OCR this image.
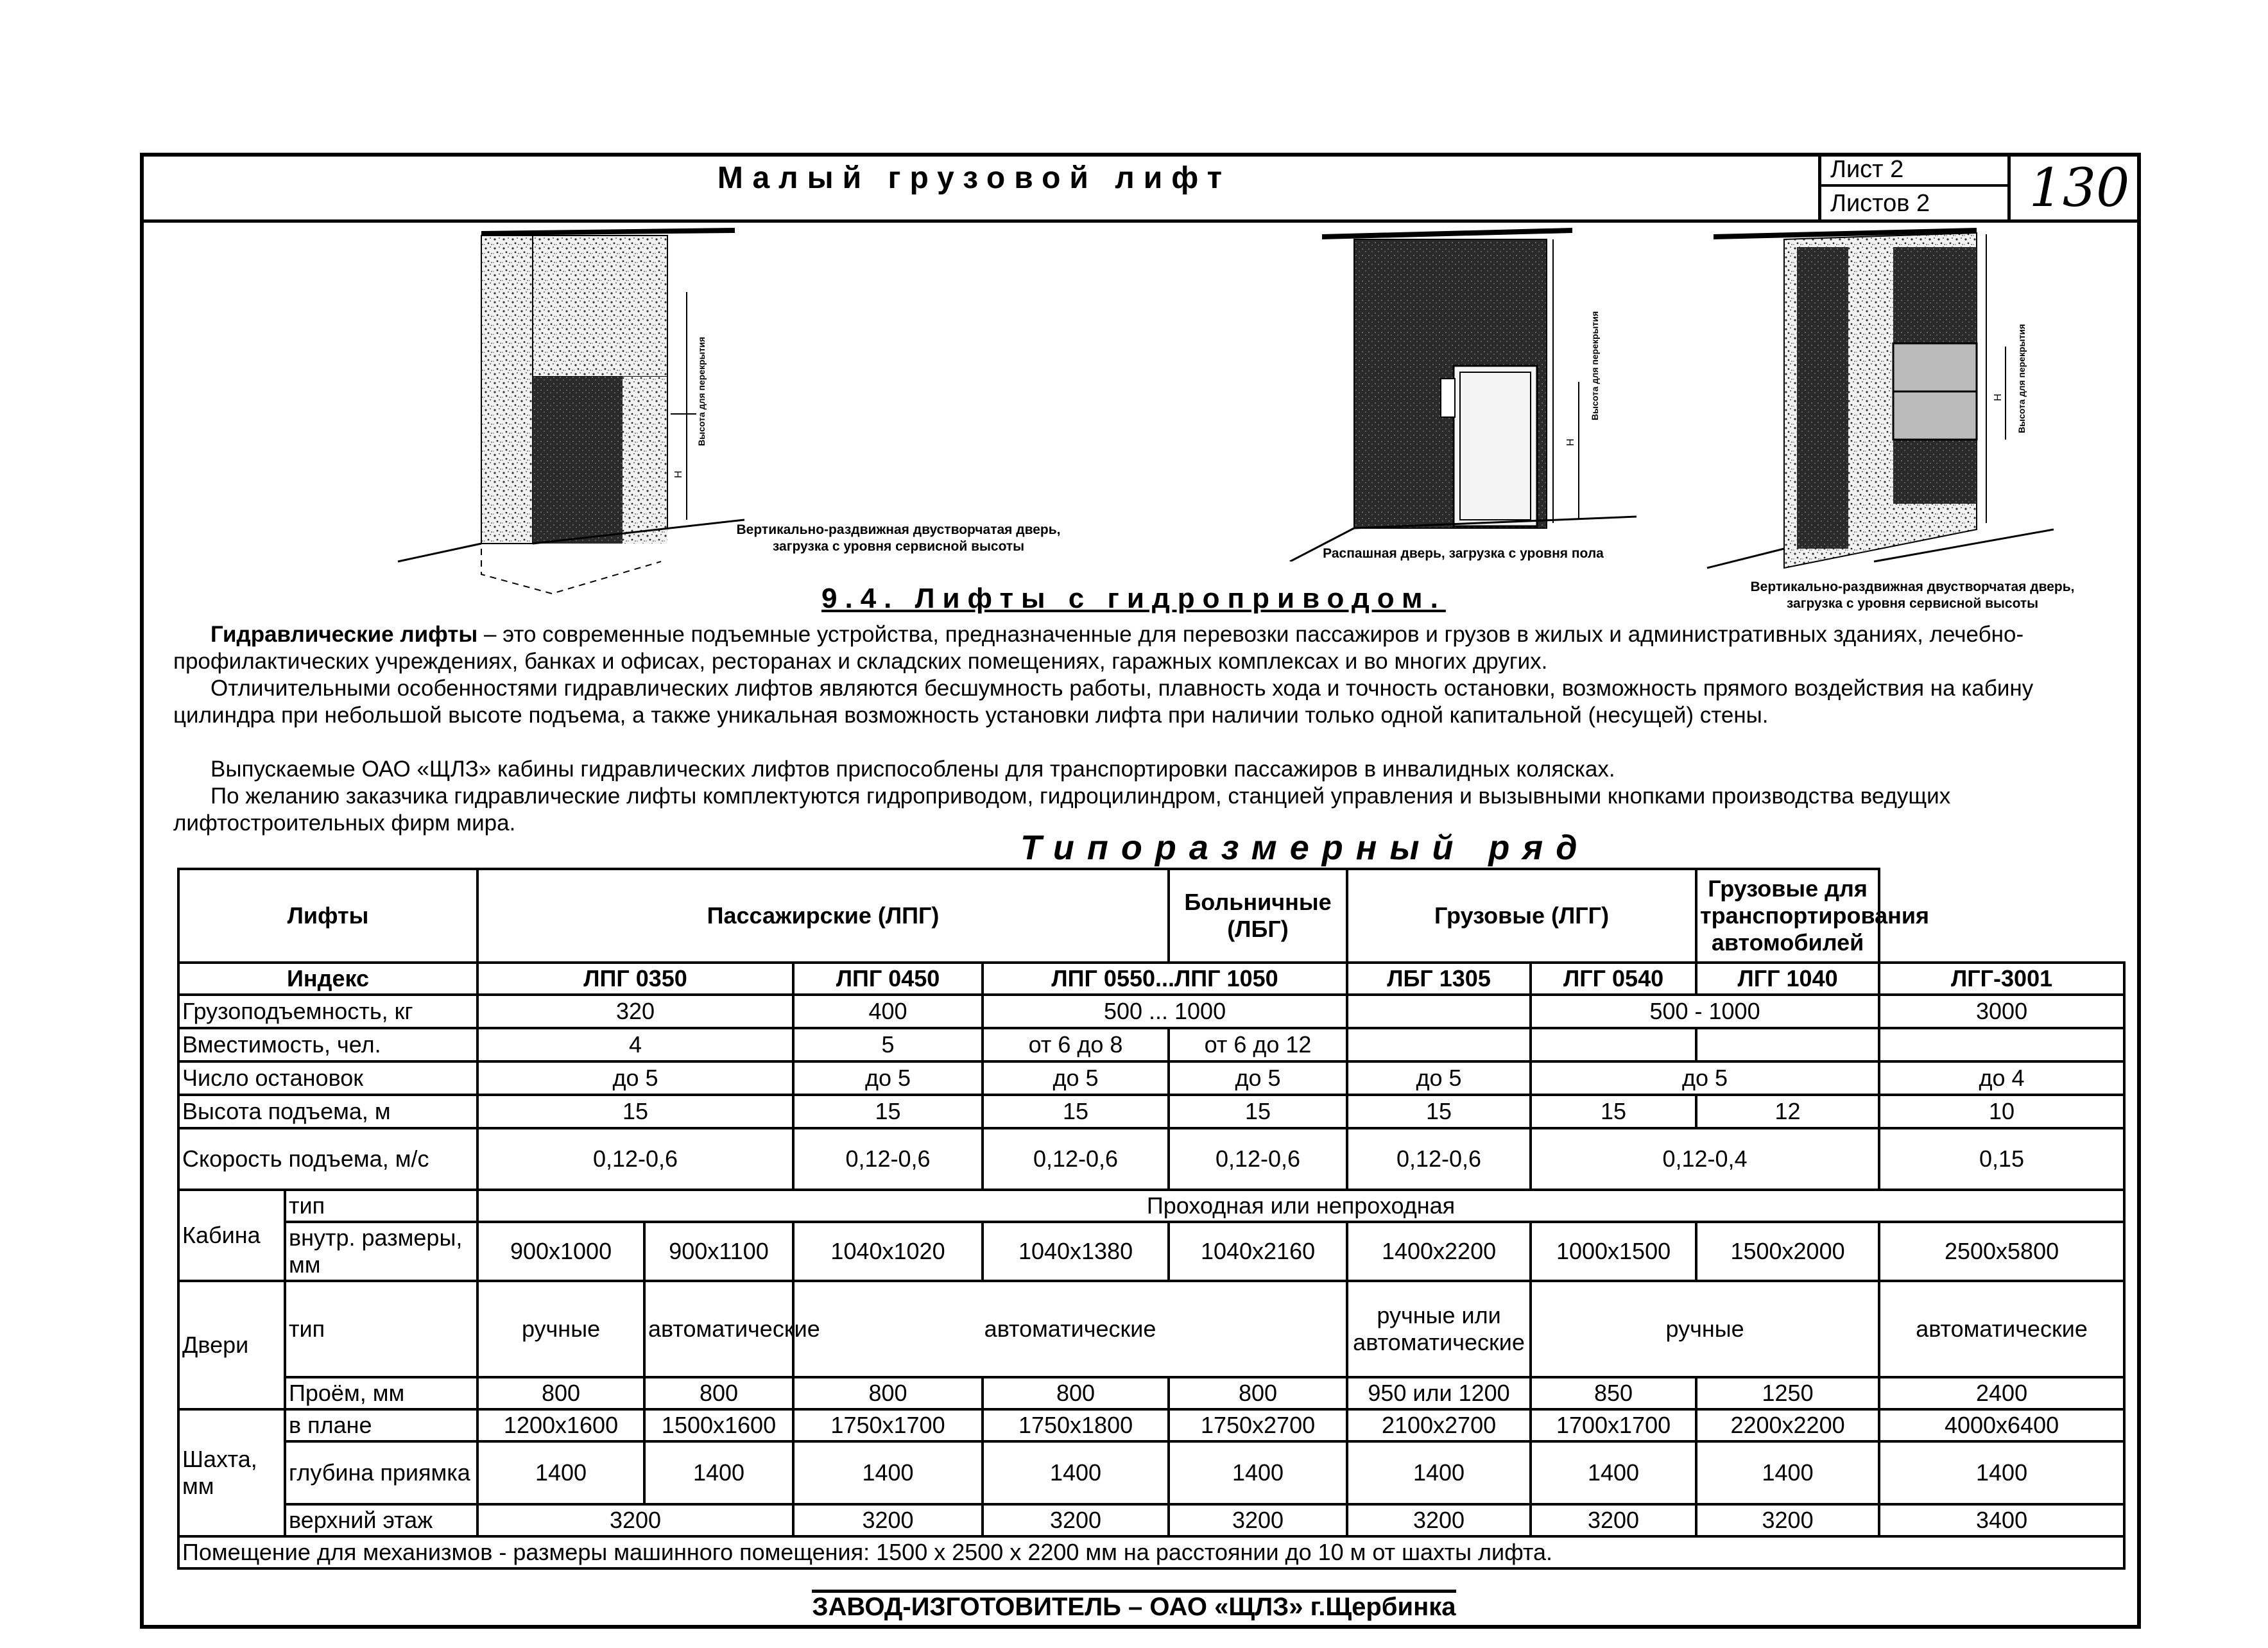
Малый грузовой лифт	Лист 2
Листов 2	130
H
Высота для перекрытия
Вертикально-раздвижная двустворчатая дверь,
загрузка с уровня сервисной высоты
H
Высота для перекрытия
Распашная дверь, загрузка с уровня пола
H Высота для перекрытия
Вертикально-раздвижная двустворчатая дверь,
загрузка с уровня сервисной высоты
9.4. Лифты с гидроприводом.
Гидравлические лифты – это современные подъемные устройства, предназначенные для перевозки пассажиров и грузов в жилых и административных зданиях, лечебно-профилактических учреждениях, банках и офисах, ресторанах и складских помещениях, гаражных комплексах и во многих других.
Отличительными особенностями гидравлических лифтов являются бесшумность работы, плавность хода и точность остановки, возможность прямого воздействия на кабину цилиндра при небольшой высоте подъема, а также уникальная возможность установки лифта при наличии только одной капитальной (несущей) стены.
Выпускаемые ОАО «ЩЛЗ» кабины гидравлических лифтов приспособлены для транспортировки пассажиров в инвалидных колясках.
По желанию заказчика гидравлические лифты комплектуются гидроприводом, гидроцилиндром, станцией управления и вызывными кнопками производства ведущих лифтостроительных фирм мира.
Типоразмерный ряд
Лифты		Пассажирские (ЛПГ)				Больничные (ЛБГ)	Грузовые (ЛГГ)		Грузовые для транспортирования автомобилей	
Индекс		ЛПГ 0350		ЛПГ 0450	ЛПГ 0550...ЛПГ 1050		ЛБГ 1305	ЛГГ 0540	ЛГГ 1040	ЛГГ-3001
Грузоподъемность, кг		320		400	500 ... 1000			500 - 1000		3000
Вместимость, чел.		4		5	от 6 до 8	от 6 до 12				
Число остановок		до 5		до 5	до 5	до 5	до 5	до 5		до 4
Высота подъема, м		15		15	15	15	15	15	12	10
Скорость подъема, м/с		0,12-0,6		0,12-0,6	0,12-0,6	0,12-0,6	0,12-0,6	0,12-0,4		0,15
Кабина	тип	Проходная или непроходная								
	внутр. размеры, мм	900x1000	900x1100	1040x1020	1040x1380	1040x2160	1400x2200	1000x1500	1500x2000	2500x5800
Двери	тип	ручные	автоматические	автоматические			ручные или автоматические	ручные		автоматические
	Проём, мм	800	800	800	800	800	950 или 1200	850	1250	2400
Шахта, мм	в плане	1200x1600	1500x1600	1750x1700	1750x1800	1750x2700	2100x2700	1700x1700	2200x2200	4000x6400
	глубина приямка	1400	1400	1400	1400	1400	1400	1400	1400	1400
	верхний этаж	3200		3200	3200	3200	3200	3200	3200	3400
Помещение для механизмов - размеры машинного помещения: 1500 x 2500 x 2200 мм на расстоянии до 10 м от шахты лифта.										
ЗАВОД-ИЗГОТОВИТЕЛЬ – ОАО «ЩЛЗ» г.Щербинка
